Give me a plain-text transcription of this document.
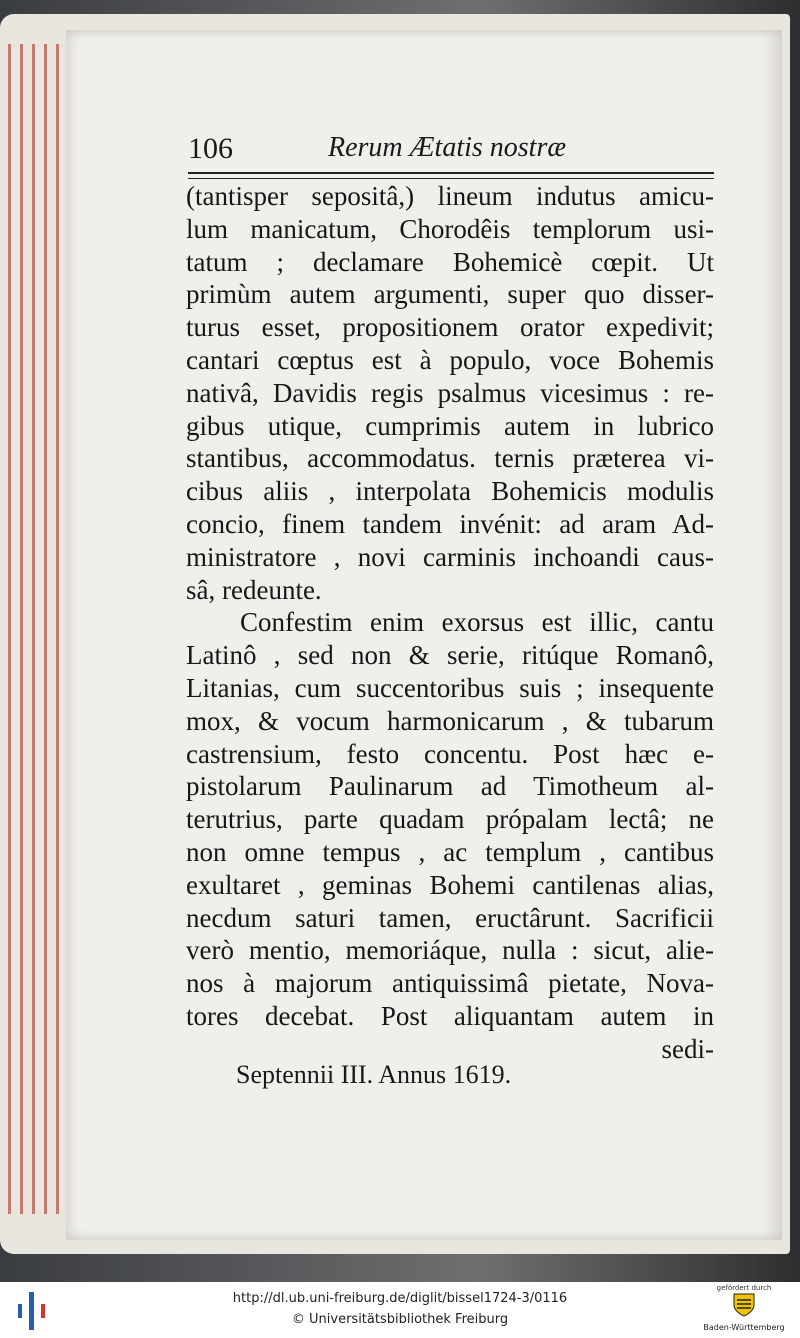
106	Rerum Ætatis nostræ
(tantisper sepositâ,) lineum indutus amicu-
lum manicatum, Chorodêis templorum usi-
tatum ; declamare Bohemicè cœpit. Ut
primùm autem argumenti, super quo disser-
turus esset, propositionem orator expedivit;
cantari cœptus est à populo, voce Bohemis
nativâ, Davidis regis psalmus vicesimus : re-
gibus utique, cumprimis autem in lubrico
stantibus, accommodatus. ternis præterea vi-
cibus aliis , interpolata Bohemicis modulis
concio, finem tandem invénit: ad aram Ad-
ministratore , novi carminis inchoandi caus-
sâ, redeunte.
Confestim enim exorsus est illic, cantu
Latinô , sed non & serie, ritúque Romanô,
Litanias, cum succentoribus suis ; insequente
mox, & vocum harmonicarum , & tubarum
castrensium, festo concentu. Post hæc e-
pistolarum Paulinarum ad Timotheum al-
terutrius, parte quadam própalam lectâ; ne
non omne tempus , ac templum , cantibus
exultaret , geminas Bohemi cantilenas alias,
necdum saturi tamen, eructârunt. Sacrificii
verò mentio, memoriáque, nulla : sicut, alie-
nos à majorum antiquissimâ pietate, Nova-
tores decebat. Post aliquantam autem in
sedi-
Septennii III. Annus 1619.
http://dl.ub.uni-freiburg.de/diglit/bissel1724-3/0116
© Universitätsbibliothek Freiburg
gefördert durch
Baden-Württemberg
